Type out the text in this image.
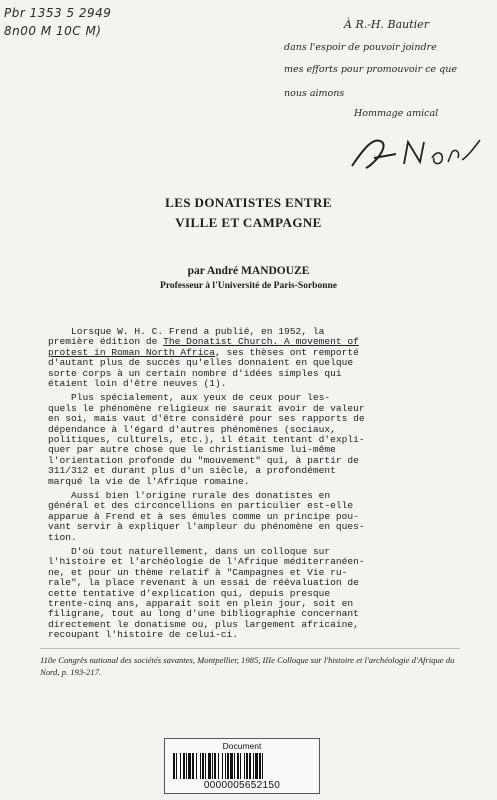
Pbr 1353 5 2949
8n00 M 10C M)	À R.-H. Bautier
dans l'espoir de pouvoir joindre
mes efforts pour promouvoir ce que
nous aimons
Hommage amical
LES DONATISTES ENTRE
VILLE ET CAMPAGNE
par André MANDOUZE
Professeur à l'Université de Paris-Sorbonne
Lorsque W. H. C. Frend a publié, en 1952, la
première édition de The Donatist Church. A movement of
protest in Roman North Africa, ses thèses ont remporté
d'autant plus de succès qu'elles donnaient en quelque
sorte corps à un certain nombre d'idées simples qui
étaient loin d'être neuves (1).
Plus spécialement, aux yeux de ceux pour les-
quels le phénomène religieux ne saurait avoir de valeur
en soi, mais vaut d'être considéré pour ses rapports de
dépendance à l'égard d'autres phénomènes (sociaux,
politiques, culturels, etc.), il était tentant d'expli-
quer par autre chose que le christianisme lui-même
l'orientation profonde du "mouvement" qui, à partir de
311/312 et durant plus d'un siècle, a profondément
marqué la vie de l'Afrique romaine.
Aussi bien l'origine rurale des donatistes en
général et des circoncellions en particulier est-elle
apparue à Frend et à ses émules comme un principe pou-
vant servir à expliquer l'ampleur du phénomène en ques-
tion.
D'où tout naturellement, dans un colloque sur
l'histoire et l'archéologie de l'Afrique méditerranéen-
ne, et pour un thème relatif à "Campagnes et Vie ru-
rale", la place revenant à un essai de réévaluation de
cette tentative d'explication qui, depuis presque
trente-cinq ans, apparaît soit en plein jour, soit en
filigrane, tout au long d'une bibliographie concernant
directement le donatisme ou, plus largement africaine,
recoupant l'histoire de celui-ci.
110e Congrès national des sociétés savantes, Montpellier, 1985, IIIe Colloque sur l'histoire et l'archéologie d'Afrique du Nord, p. 193-217.
Document
0000005652150
